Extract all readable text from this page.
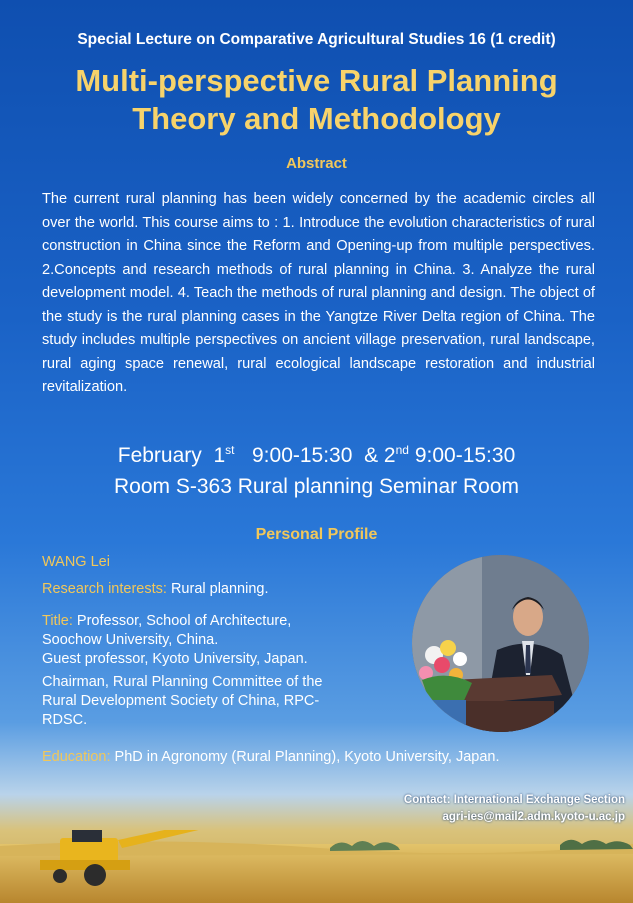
Special Lecture on Comparative Agricultural Studies 16 (1 credit)
Multi-perspective Rural Planning
Theory and Methodology
Abstract
The current rural planning has been widely concerned by the academic circles all over the world. This course aims to : 1. Introduce the evolution characteristics of rural construction in China since the Reform and Opening-up from multiple perspectives. 2.Concepts and research methods of rural planning in China. 3. Analyze the rural development model. 4. Teach the methods of rural planning and design. The object of the study is the rural planning cases in the Yangtze River Delta region of China. The study includes multiple perspectives on ancient village preservation, rural landscape, rural aging space renewal, rural ecological landscape restoration and industrial revitalization.
February 1st 9:00-15:30 & 2nd 9:00-15:30
Room S-363 Rural planning Seminar Room
Personal Profile
WANG Lei
Research interests: Rural planning.
Title: Professor, School of Architecture,
Soochow University, China.
Guest professor, Kyoto University, Japan.
Chairman, Rural Planning Committee of the
Rural Development Society of China, RPC-
RDSC.
Education: PhD in Agronomy (Rural Planning), Kyoto University, Japan.
Contact: International Exchange Section
agri-ies@mail2.adm.kyoto-u.ac.jp
